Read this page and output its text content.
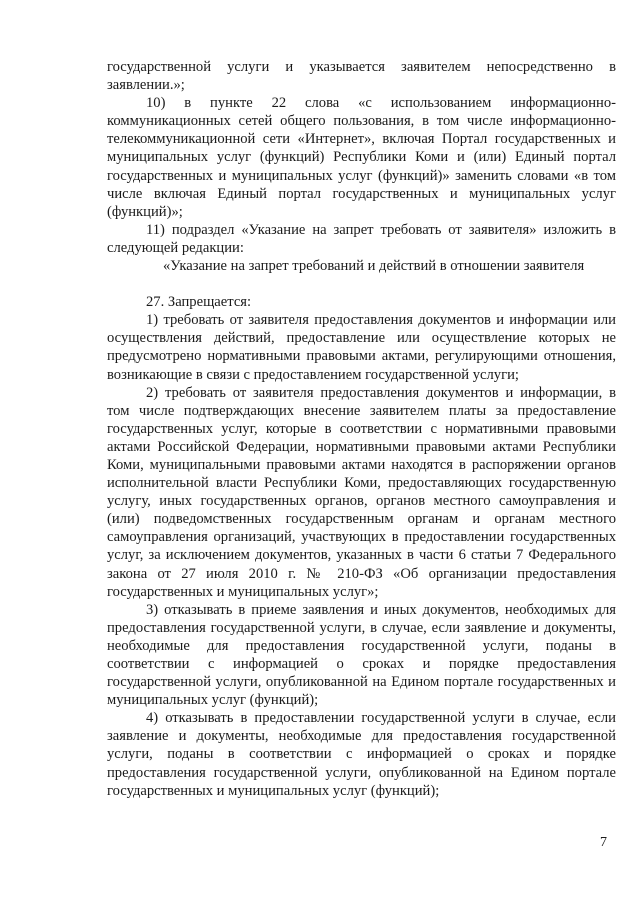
государственной услуги и указывается заявителем непосредственно в заявлении.»;

10) в пункте 22 слова «с использованием информационно-коммуникационных сетей общего пользования, в том числе информационно-телекоммуникационной сети «Интернет», включая Портал государственных и муниципальных услуг (функций) Республики Коми и (или) Единый портал государственных и муниципальных услуг (функций)» заменить словами «в том числе включая Единый портал государственных и муниципальных услуг (функций)»;

11) подраздел «Указание на запрет требовать от заявителя» изложить в следующей редакции:

«Указание на запрет требований и действий в отношении заявителя

27. Запрещается:

1) требовать от заявителя предоставления документов и информации или осуществления действий, предоставление или осуществление которых не предусмотрено нормативными правовыми актами, регулирующими отношения, возникающие в связи с предоставлением государственной услуги;

2) требовать от заявителя предоставления документов и информации, в том числе подтверждающих внесение заявителем платы за предоставление государственных услуг, которые в соответствии с нормативными правовыми актами Российской Федерации, нормативными правовыми актами Республики Коми, муниципальными правовыми актами находятся в распоряжении органов исполнительной власти Республики Коми, предоставляющих государственную услугу, иных государственных органов, органов местного самоуправления и (или) подведомственных государственным органам и органам местного самоуправления организаций, участвующих в предоставлении государственных услуг, за исключением документов, указанных в части 6 статьи 7 Федерального закона от 27 июля 2010 г. № 210-ФЗ «Об организации предоставления государственных и муниципальных услуг»;

3) отказывать в приеме заявления и иных документов, необходимых для предоставления государственной услуги, в случае, если заявление и документы, необходимые для предоставления государственной услуги, поданы в соответствии с информацией о сроках и порядке предоставления государственной услуги, опубликованной на Едином портале государственных и муниципальных услуг (функций);

4) отказывать в предоставлении государственной услуги в случае, если заявление и документы, необходимые для предоставления государственной услуги, поданы в соответствии с информацией о сроках и порядке предоставления государственной услуги, опубликованной на Едином портале государственных и муниципальных услуг (функций);

7
